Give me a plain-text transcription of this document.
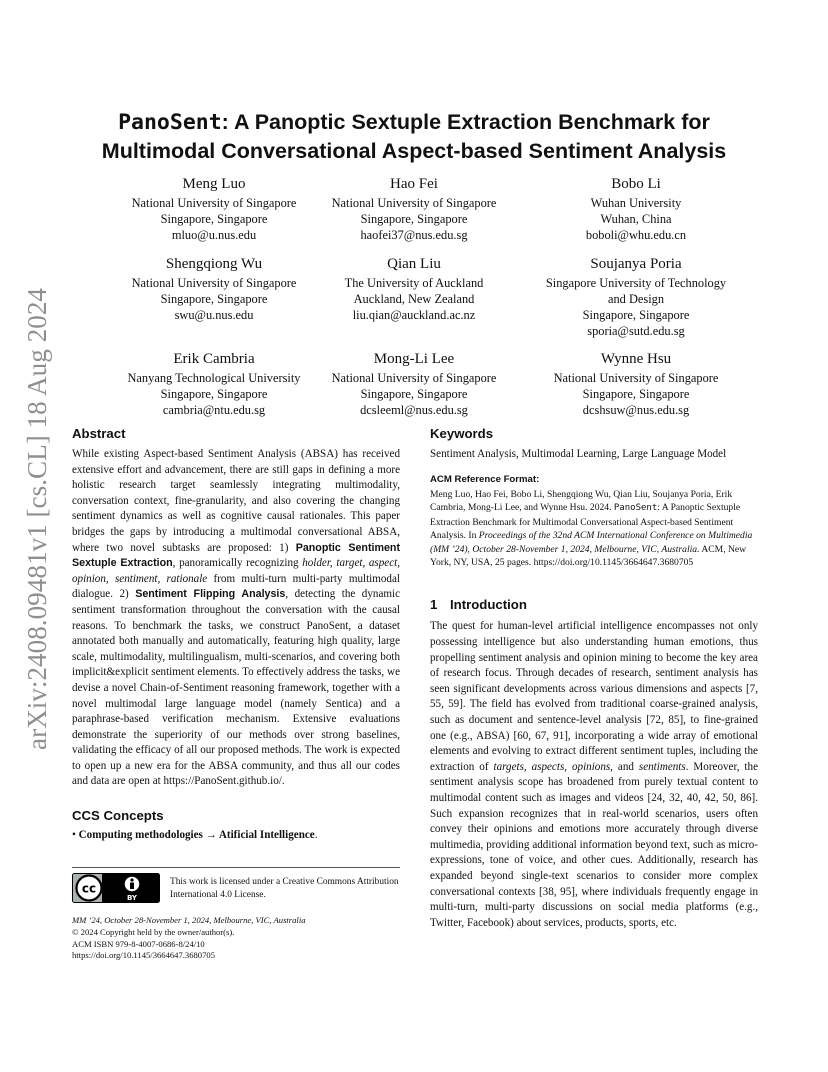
arXiv:2408.09481v1 [cs.CL] 18 Aug 2024

PanoSent: A Panoptic Sextuple Extraction Benchmark for

Multimodal Conversational Aspect-based Sentiment Analysis

Meng Luo
National University of Singapore
Singapore, Singapore
mluo@u.nus.edu
Hao Fei
National University of Singapore
Singapore, Singapore
haofei37@nus.edu.sg
Bobo Li
Wuhan University
Wuhan, China
boboli@whu.edu.cn
Shengqiong Wu
National University of Singapore
Singapore, Singapore
swu@u.nus.edu
Qian Liu
The University of Auckland
Auckland, New Zealand
liu.qian@auckland.ac.nz
Soujanya Poria
Singapore University of Technology
and Design
Singapore, Singapore
sporia@sutd.edu.sg
Erik Cambria
Nanyang Technological University
Singapore, Singapore
cambria@ntu.edu.sg
Mong-Li Lee
National University of Singapore
Singapore, Singapore
dcsleeml@nus.edu.sg
Wynne Hsu
National University of Singapore
Singapore, Singapore
dcshsuw@nus.edu.sg
Abstract

While existing Aspect-based Sentiment Analysis (ABSA) has received extensive effort and advancement, there are still gaps in defining a more holistic research target seamlessly integrating multimodality, conversation context, fine-granularity, and also covering the changing sentiment dynamics as well as cognitive causal rationales. This paper bridges the gaps by introducing a multimodal conversational ABSA, where two novel subtasks are proposed: 1) Panoptic Sentiment Sextuple Extraction, panoramically recognizing holder, target, aspect, opinion, sentiment, rationale from multi-turn multi-party multimodal dialogue. 2) Sentiment Flipping Analysis, detecting the dynamic sentiment transformation throughout the conversation with the causal reasons. To benchmark the tasks, we construct PanoSent, a dataset annotated both manually and automatically, featuring high quality, large scale, multimodality, multilingualism, multi-scenarios, and covering both implicit&explicit sentiment elements. To effectively address the tasks, we devise a novel Chain-of-Sentiment reasoning framework, together with a novel multimodal large language model (namely Sentica) and a paraphrase-based verification mechanism. Extensive evaluations demonstrate the superiority of our methods over strong baselines, validating the efficacy of all our proposed methods. The work is expected to open up a new era for the ABSA community, and thus all our codes and data are open at https://PanoSent.github.io/.

CCS Concepts
• Computing methodologies → Atificial Intelligence.
cc
BY
This work is licensed under a Creative Commons Attribution International 4.0 License.
MM ’24, October 28-November 1, 2024, Melbourne, VIC, Australia
© 2024 Copyright held by the owner/author(s).
ACM ISBN 979-8-4007-0686-8/24/10
https://doi.org/10.1145/3664647.3680705
Keywords

Sentiment Analysis, Multimodal Learning, Large Language Model

ACM Reference Format:

Meng Luo, Hao Fei, Bobo Li, Shengqiong Wu, Qian Liu, Soujanya Poria, Erik Cambria, Mong-Li Lee, and Wynne Hsu. 2024. PanoSent: A Panoptic Sextuple Extraction Benchmark for Multimodal Conversational Aspect-based Sentiment Analysis. In Proceedings of the 32nd ACM International Conference on Multimedia (MM ’24), October 28-November 1, 2024, Melbourne, VIC, Australia. ACM, New York, NY, USA, 25 pages. https://doi.org/10.1145/3664647.3680705

1 Introduction

The quest for human-level artificial intelligence encompasses not only possessing intelligence but also understanding human emotions, thus propelling sentiment analysis and opinion mining to become the key area of research focus. Through decades of research, sentiment analysis has seen significant developments across various dimensions and aspects [7, 55, 59]. The field has evolved from traditional coarse-grained analysis, such as document and sentence-level analysis [72, 85], to fine-grained one (e.g., ABSA) [60, 67, 91], incorporating a wide array of emotional elements and evolving to extract different sentiment tuples, including the extraction of targets, aspects, opinions, and sentiments. Moreover, the sentiment analysis scope has broadened from purely textual content to multimodal content such as images and videos [24, 32, 40, 42, 50, 86]. Such expansion recognizes that in real-world scenarios, users often convey their opinions and emotions more accurately through diverse multimedia, providing additional information beyond text, such as micro-expressions, tone of voice, and other cues. Additionally, research has expanded beyond single-text scenarios to consider more complex conversational contexts [38, 95], where individuals frequently engage in multi-turn, multi-party discussions on social media platforms (e.g., Twitter, Facebook) about services, products, sports, etc.
